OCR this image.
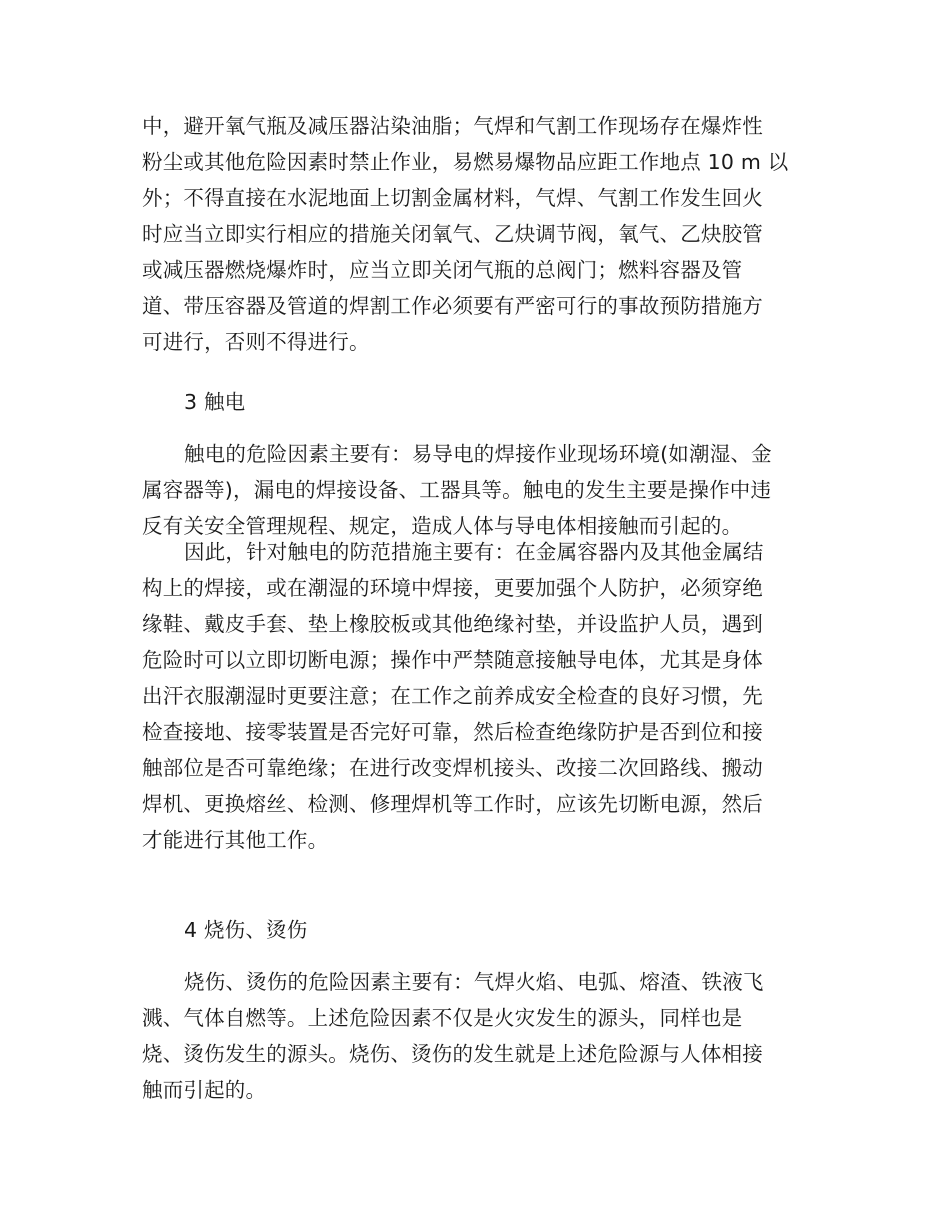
中，避开氧气瓶及减压器沾染油脂；气焊和气割工作现场存在爆炸性
粉尘或其他危险因素时禁止作业，易燃易爆物品应距工作地点 10 m 以
外；不得直接在水泥地面上切割金属材料，气焊、气割工作发生回火
时应当立即实行相应的措施关闭氧气、乙炔调节阀，氧气、乙炔胶管
或减压器燃烧爆炸时，应当立即关闭气瓶的总阀门；燃料容器及管
道、带压容器及管道的焊割工作必须要有严密可行的事故预防措施方
可进行，否则不得进行。
3 触电
触电的危险因素主要有：易导电的焊接作业现场环境(如潮湿、金
属容器等)，漏电的焊接设备、工器具等。触电的发生主要是操作中违
反有关安全管理规程、规定，造成人体与导电体相接触而引起的。
因此，针对触电的防范措施主要有：在金属容器内及其他金属结
构上的焊接，或在潮湿的环境中焊接，更要加强个人防护，必须穿绝
缘鞋、戴皮手套、垫上橡胶板或其他绝缘衬垫，并设监护人员，遇到
危险时可以立即切断电源；操作中严禁随意接触导电体，尤其是身体
出汗衣服潮湿时更要注意；在工作之前养成安全检查的良好习惯，先
检查接地、接零装置是否完好可靠，然后检查绝缘防护是否到位和接
触部位是否可靠绝缘；在进行改变焊机接头、改接二次回路线、搬动
焊机、更换熔丝、检测、修理焊机等工作时，应该先切断电源，然后
才能进行其他工作。
4 烧伤、烫伤
烧伤、烫伤的危险因素主要有：气焊火焰、电弧、熔渣、铁液飞
溅、气体自燃等。上述危险因素不仅是火灾发生的源头，同样也是
烧、烫伤发生的源头。烧伤、烫伤的发生就是上述危险源与人体相接
触而引起的。
